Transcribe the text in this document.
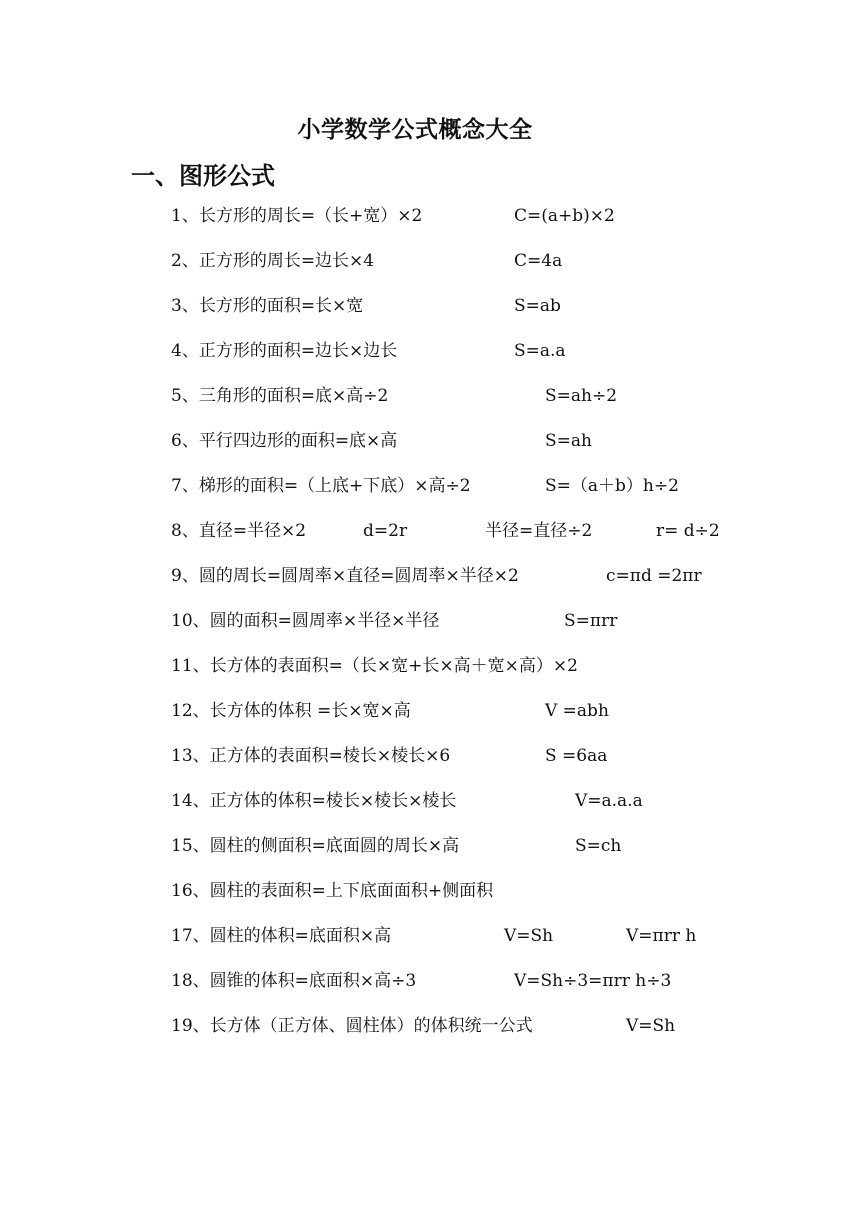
小学数学公式概念大全
一、图形公式
1、长方形的周长=（长+宽）×2	C=(a+b)×2
2、正方形的周长=边长×4	C=4a
3、长方形的面积=长×宽	S=ab
4、正方形的面积=边长×边长	S=a.a
5、三角形的面积=底×高÷2	S=ah÷2
6、平行四边形的面积=底×高	S=ah
7、梯形的面积=（上底+下底）×高÷2	S=（a＋b）h÷2
8、直径=半径×2	d=2r	半径=直径÷2	r= d÷2
9、圆的周长=圆周率×直径=圆周率×半径×2	c=πd =2πr
10、圆的面积=圆周率×半径×半径	S=πrr
11、长方体的表面积=（长×宽+长×高＋宽×高）×2
12、长方体的体积 =长×宽×高	V =abh
13、正方体的表面积=棱长×棱长×6	S =6aa
14、正方体的体积=棱长×棱长×棱长	V=a.a.a
15、圆柱的侧面积=底面圆的周长×高	S=ch
16、圆柱的表面积=上下底面面积+侧面积
17、圆柱的体积=底面积×高	V=Sh	V=πrr h
18、圆锥的体积=底面积×高÷3	V=Sh÷3=πrr h÷3
19、长方体（正方体、圆柱体）的体积统一公式	V=Sh
